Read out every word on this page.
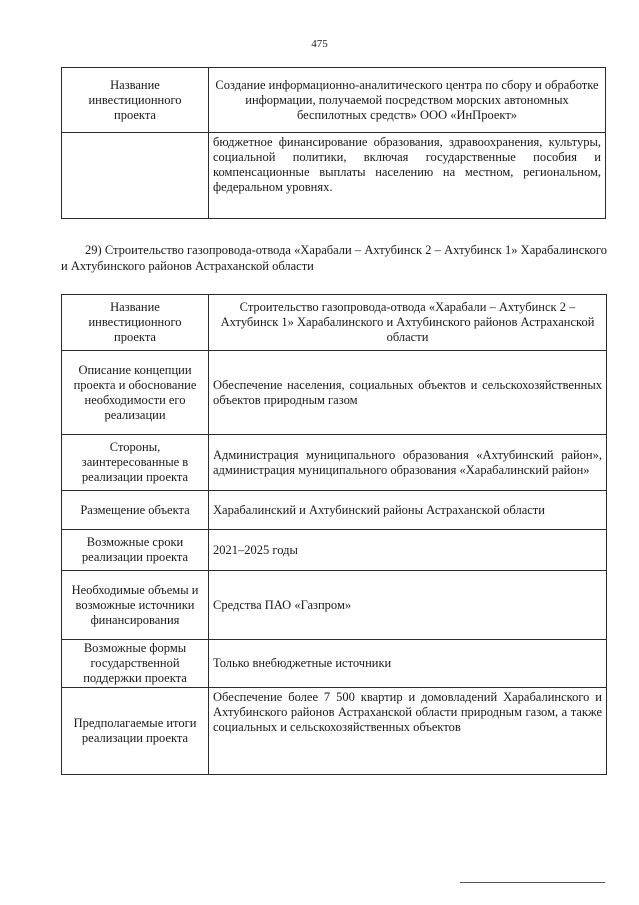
475
Название инвестиционного проекта	Создание информационно-аналитического центра по сбору и обработке информации, получаемой посредством морских автономных беспилотных средств» ООО «ИнПроект»
	бюджетное финансирование образования, здравоохранения, культуры, социальной политики, включая государственные пособия и компенсационные выплаты населению на местном, региональном, федеральном уровнях.
29) Строительство газопровода-отвода «Харабали – Ахтубинск 2 – Ахтубинск 1» Харабалинского и Ахтубинского районов Астраханской области
Название инвестиционного проекта	Строительство газопровода-отвода «Харабали – Ахтубинск 2 – Ахтубинск 1» Харабалинского и Ахтубинского районов Астраханской области
Описание концепции проекта и обоснование необходимости его реализации	Обеспечение населения, социальных объектов и сельскохозяйственных объектов природным газом
Стороны, заинтересованные в реализации проекта	Администрация муниципального образования «Ахтубинский район», администрация муниципального образования «Харабалинский район»
Размещение объекта	Харабалинский и Ахтубинский районы Астраханской области
Возможные сроки реализации проекта	2021–2025 годы
Необходимые объемы и возможные источники финансирования	Средства ПАО «Газпром»
Возможные формы государственной поддержки проекта	Только внебюджетные источники
Предполагаемые итоги реализации проекта	Обеспечение более 7 500 квартир и домовладений Харабалинского и Ахтубинского районов Астраханской области природным газом, а также социальных и сельскохозяйственных объектов
